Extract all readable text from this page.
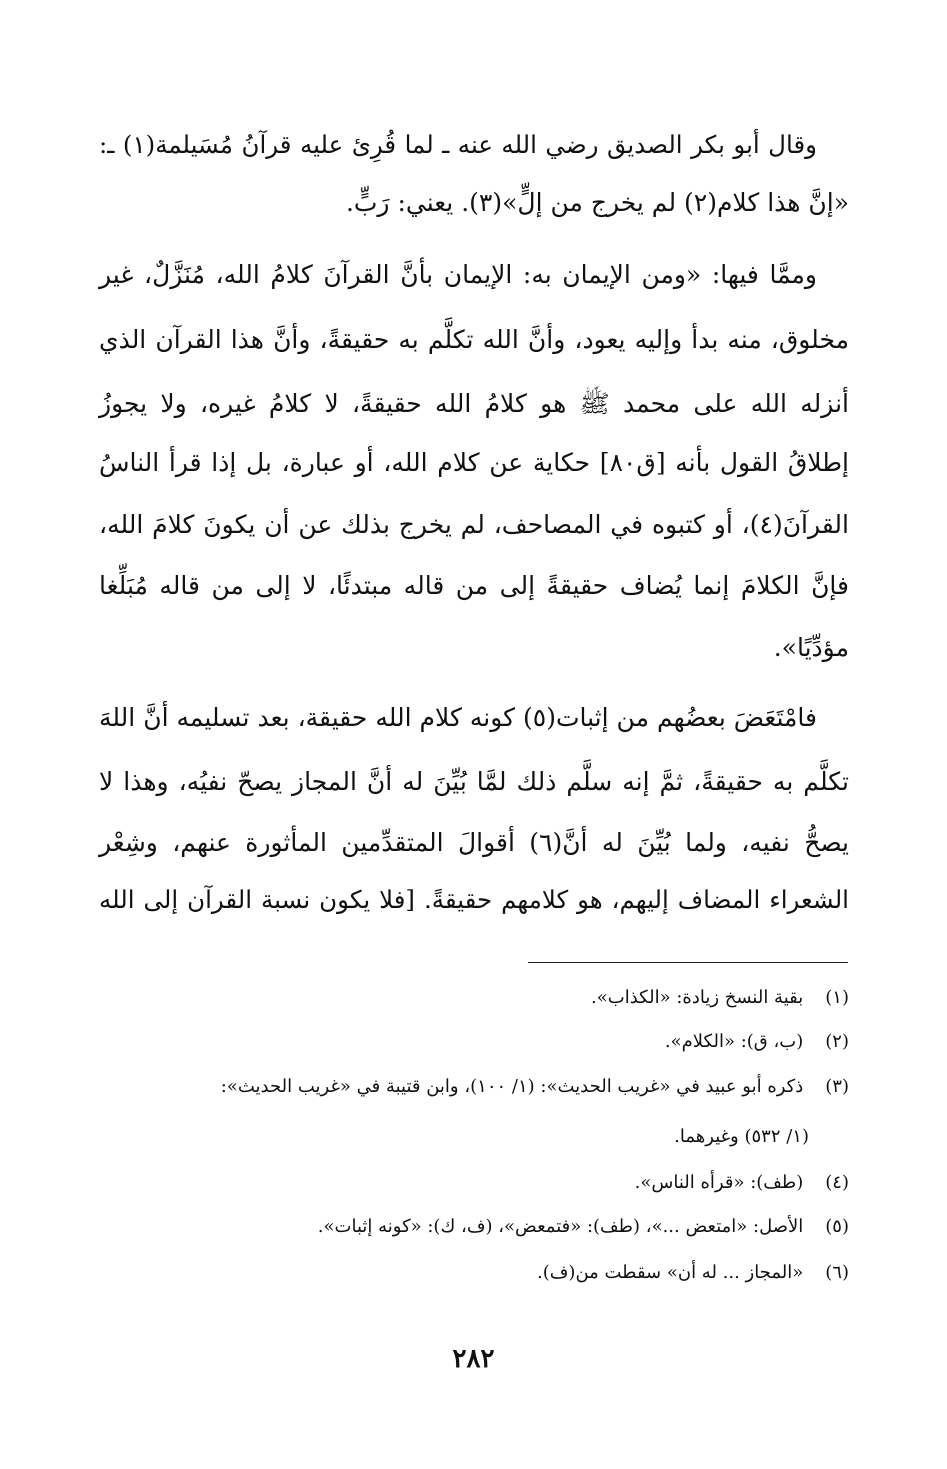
وقال أبو بكر الصديق رضي الله عنه ـ لما قُرِئ عليه قرآنُ مُسَيلمة(١) ـ:
«إنَّ هذا كلام(٢) لم يخرج من إلٍّ»(٣). يعني: رَبٍّ.
وممَّا فيها: «ومن الإيمان به: الإيمان بأنَّ القرآنَ كلامُ الله، مُنَزَّلٌ، غير
مخلوق، منه بدأ وإليه يعود، وأنَّ الله تكلَّم به حقيقةً، وأنَّ هذا القرآن الذي
أنزله الله على محمد ﷺ هو كلامُ الله حقيقةً، لا كلامُ غيره، ولا يجوزُ
إطلاقُ القول بأنه [ق٨٠] حكاية عن كلام الله، أو عبارة، بل إذا قرأ الناسُ
القرآنَ(٤)، أو كتبوه في المصاحف، لم يخرج بذلك عن أن يكونَ كلامَ الله،
فإنَّ الكلامَ إنما يُضاف حقيقةً إلى من قاله مبتدئًا، لا إلى من قاله مُبَلِّغا
مؤدِّيًا».
فامْتَعَضَ بعضُهم من إثبات(٥) كونه كلام الله حقيقة، بعد تسليمه أنَّ اللهَ
تكلَّم به حقيقةً، ثمَّ إنه سلَّم ذلك لمَّا بُيِّنَ له أنَّ المجاز يصحّ نفيُه، وهذا لا
يصحُّ نفيه، ولما بُيِّنَ له أنَّ(٦) أقوالَ المتقدِّمين المأثورة عنهم، وشِعْر
الشعراء المضاف إليهم، هو كلامهم حقيقةً. [فلا يكون نسبة القرآن إلى الله
(١) بقية النسخ زيادة: «الكذاب».
(٢) (ب، ق): «الكلام».
(٣) ذكره أبو عبيد في «غريب الحديث»: (١/ ١٠٠)، وابن قتيبة في «غريب الحديث»:
(١/ ٥٣٢) وغيرهما.
(٤) (طف): «قرأه الناس».
(٥) الأصل: «امتعض ...»، (طف): «فتمعض»، (ف، ك): «كونه إثبات».
(٦) «المجاز ... له أن» سقطت من(ف).
٢٨٢
